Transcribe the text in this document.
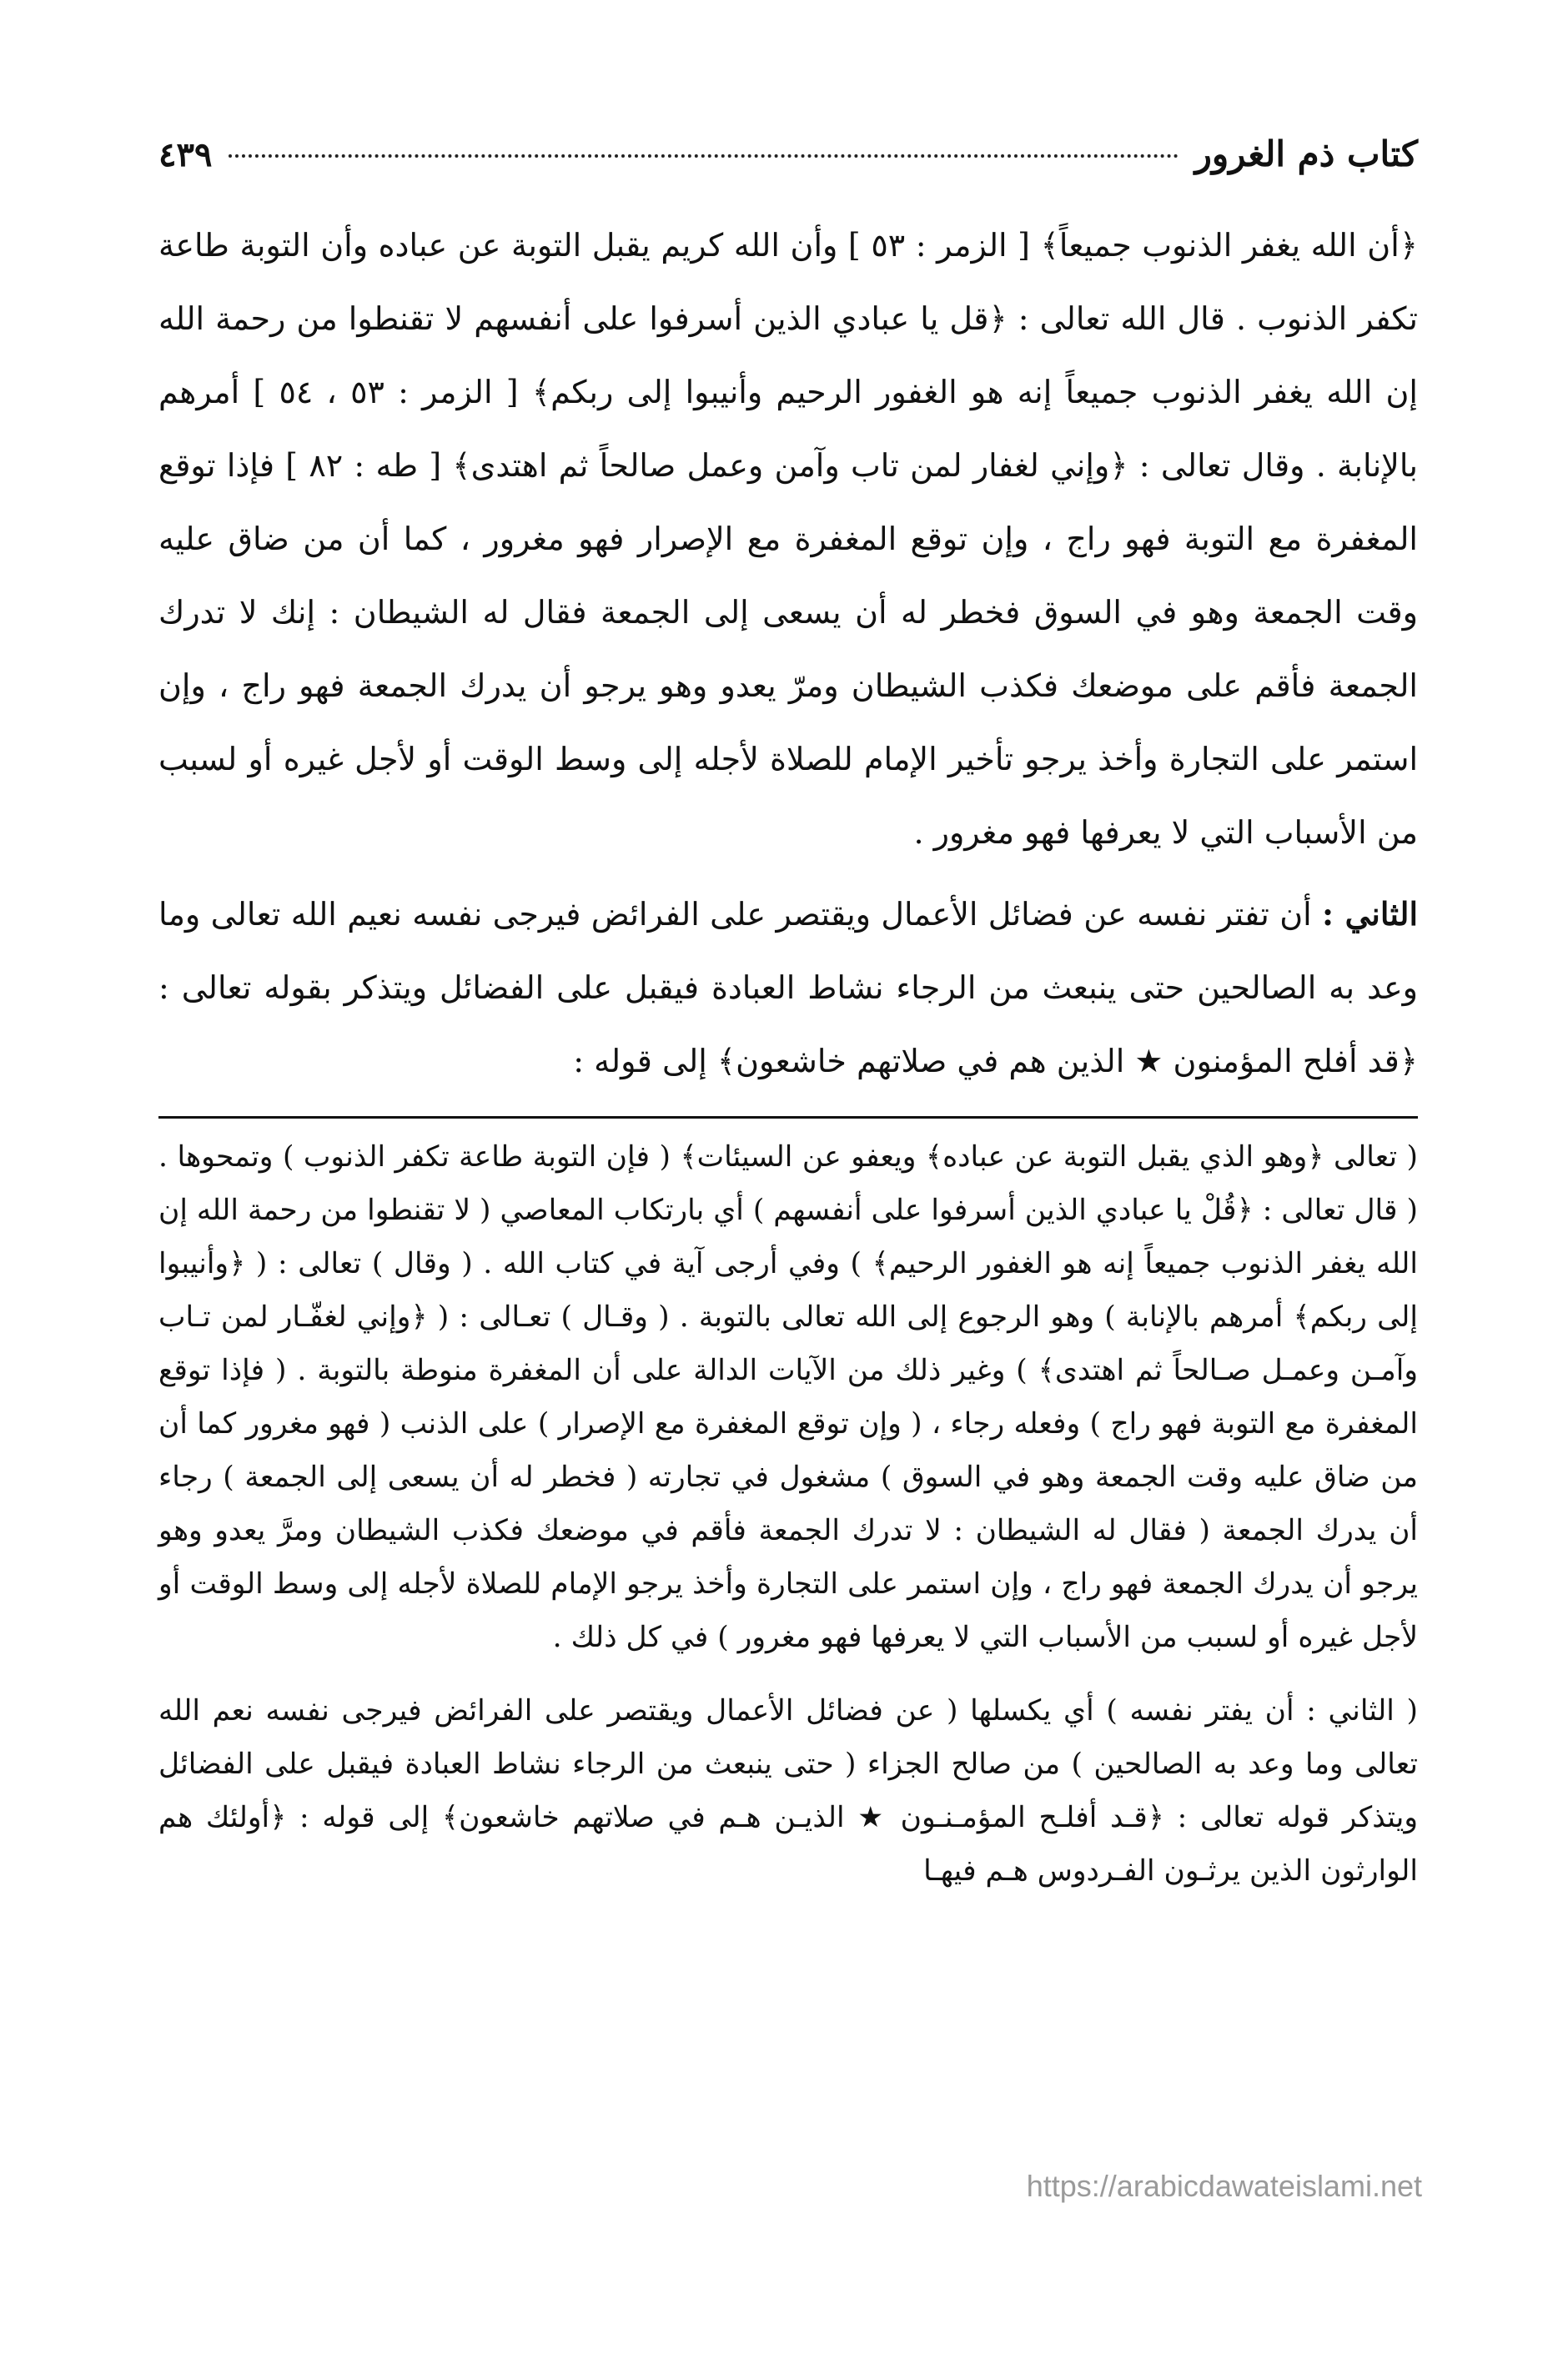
كتاب ذم الغرور
٤٣٩

﴿أن الله يغفر الذنوب جميعاً﴾ [ الزمر : ٥٣ ] وأن الله كريم يقبل التوبة عن عباده وأن التوبة طاعة تكفر الذنوب . قال الله تعالى : ﴿قل يا عبادي الذين أسرفوا على أنفسهم لا تقنطوا من رحمة الله إن الله يغفر الذنوب جميعاً إنه هو الغفور الرحيم وأنيبوا إلى ربكم﴾ [ الزمر : ٥٣ ، ٥٤ ] أمرهم بالإنابة . وقال تعالى : ﴿وإني لغفار لمن تاب وآمن وعمل صالحاً ثم اهتدى﴾ [ طه : ٨٢ ] فإذا توقع المغفرة مع التوبة فهو راج ، وإن توقع المغفرة مع الإصرار فهو مغرور ، كما أن من ضاق عليه وقت الجمعة وهو في السوق فخطر له أن يسعى إلى الجمعة فقال له الشيطان : إنك لا تدرك الجمعة فأقم على موضعك فكذب الشيطان ومرّ يعدو وهو يرجو أن يدرك الجمعة فهو راج ، وإن استمر على التجارة وأخذ يرجو تأخير الإمام للصلاة لأجله إلى وسط الوقت أو لأجل غيره أو لسبب من الأسباب التي لا يعرفها فهو مغرور .

الثاني : أن تفتر نفسه عن فضائل الأعمال ويقتصر على الفرائض فيرجى نفسه نعيم الله تعالى وما وعد به الصالحين حتى ينبعث من الرجاء نشاط العبادة فيقبل على الفضائل ويتذكر بقوله تعالى : ﴿قد أفلح المؤمنون ★ الذين هم في صلاتهم خاشعون﴾ إلى قوله :

( تعالى ﴿وهو الذي يقبل التوبة عن عباده﴾ ويعفو عن السيئات﴾ ( فإن التوبة طاعة تكفر الذنوب ) وتمحوها . ( قال تعالى : ﴿قُلْ يا عبادي الذين أسرفوا على أنفسهم ) أي بارتكاب المعاصي ( لا تقنطوا من رحمة الله إن الله يغفر الذنوب جميعاً إنه هو الغفور الرحيم﴾ ) وفي أرجى آية في كتاب الله . ( وقال ) تعالى : ( ﴿وأنيبوا إلى ربكم﴾ أمرهم بالإنابة ) وهو الرجوع إلى الله تعالى بالتوبة . ( وقـال ) تعـالى : ( ﴿وإني لغفّـار لمن تـاب وآمـن وعمـل صـالحاً ثم اهتدى﴾ ) وغير ذلك من الآيات الدالة على أن المغفرة منوطة بالتوبة . ( فإذا توقع المغفرة مع التوبة فهو راج ) وفعله رجاء ، ( وإن توقع المغفرة مع الإصرار ) على الذنب ( فهو مغرور كما أن من ضاق عليه وقت الجمعة وهو في السوق ) مشغول في تجارته ( فخطر له أن يسعى إلى الجمعة ) رجاء أن يدرك الجمعة ( فقال له الشيطان : لا تدرك الجمعة فأقم في موضعك فكذب الشيطان ومرَّ يعدو وهو يرجو أن يدرك الجمعة فهو راج ، وإن استمر على التجارة وأخذ يرجو الإمام للصلاة لأجله إلى وسط الوقت أو لأجل غيره أو لسبب من الأسباب التي لا يعرفها فهو مغرور ) في كل ذلك .

( الثاني : أن يفتر نفسه ) أي يكسلها ( عن فضائل الأعمال ويقتصر على الفرائض فيرجى نفسه نعم الله تعالى وما وعد به الصالحين ) من صالح الجزاء ( حتى ينبعث من الرجاء نشاط العبادة فيقبل على الفضائل ويتذكر قوله تعالى : ﴿قـد أفلـح المؤمـنـون ★ الذيـن هـم في صلاتهم خاشعون﴾ إلى قوله : ﴿أولئك هم الوارثون الذين يرثـون الفـردوس هـم فيهـا

https://arabicdawateislami.net
